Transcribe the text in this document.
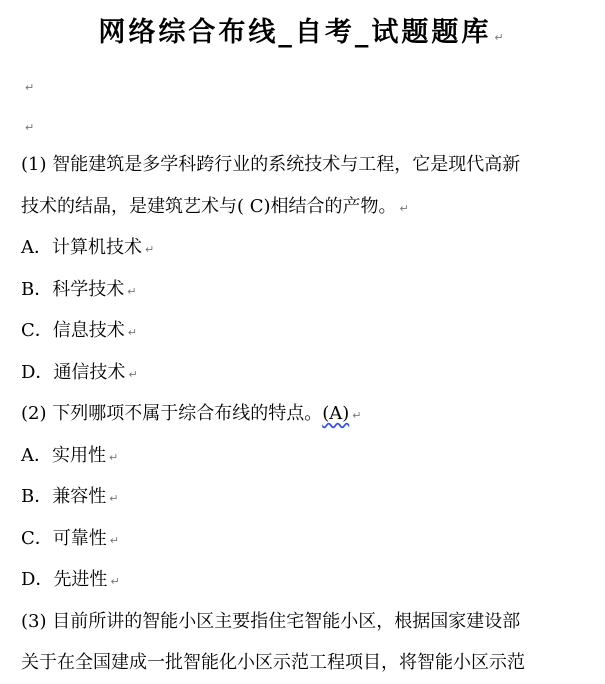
网络综合布线_自考_试题题库 ↵
↵
↵
(1) 智能建筑是多学科跨行业的系统技术与工程，它是现代高新
技术的结晶，是建筑艺术与( C)相结合的产物。 ↵
A．计算机技术 ↵
B．科学技术 ↵
C．信息技术 ↵
D．通信技术 ↵
(2) 下列哪项不属于综合布线的特点。(A) ↵
A．实用性 ↵
B．兼容性 ↵
C．可靠性 ↵
D．先进性 ↵
(3) 目前所讲的智能小区主要指住宅智能小区，根据国家建设部
关于在全国建成一批智能化小区示范工程项目，将智能小区示范
